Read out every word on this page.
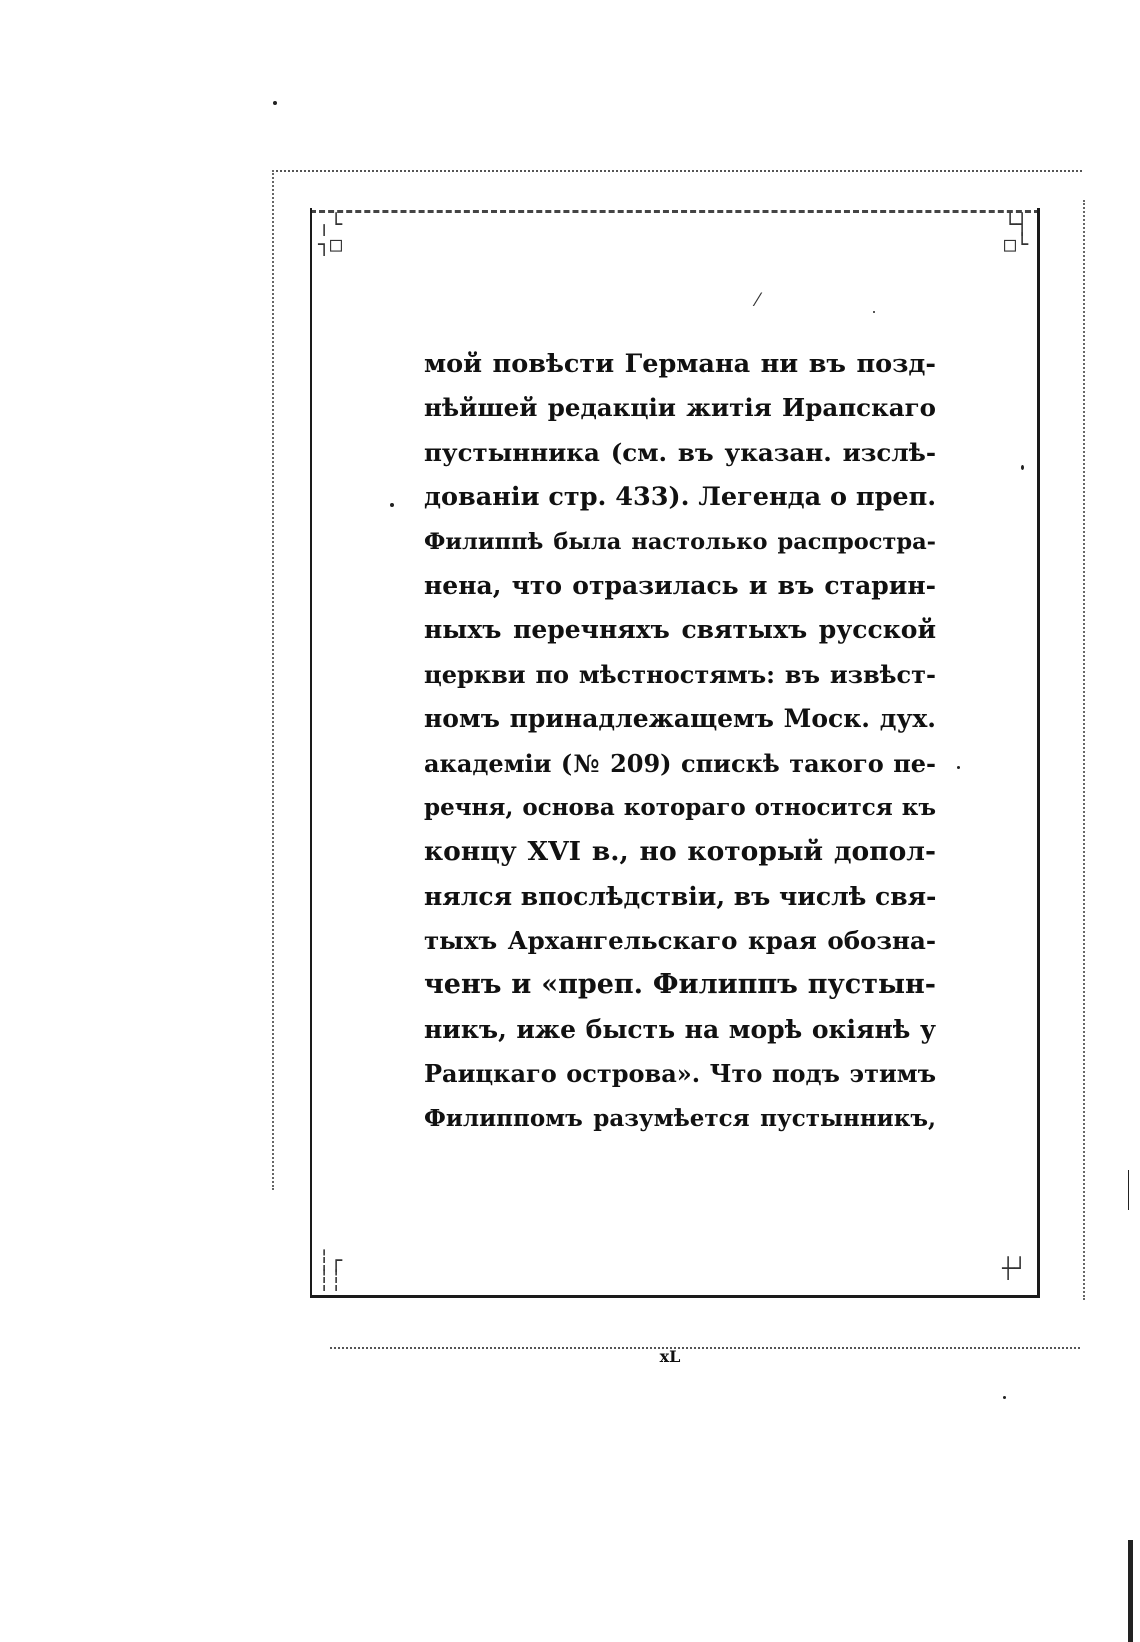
⁄
╷└
┐□
└┤
□└
┆┌
┆┆	┼┘

мой повѣсти Германа ни въ позд-
нѣйшей редакціи житія Ирапскаго
пустынника (см. въ указан. изслѣ-
дованіи стр. 433). Легенда о преп.
Филиппѣ была настолько распростра-
нена, что отразилась и въ старин-
ныхъ перечняхъ святыхъ русской
церкви по мѣстностямъ: въ извѣст-
номъ принадлежащемъ Моск. дух.
академіи (№ 209) спискѣ такого пе-
речня, основа котораго относится къ
концу XVI в., но который допол-
нялся впослѣдствіи, въ числѣ свя-
тыхъ Архангельскаго края обозна-
ченъ и «преп. Филиппъ пустын-
никъ, иже бысть на морѣ окіянѣ у
Раицкаго острова». Что подъ этимъ
Филиппомъ разумѣется пустынникъ,
xL
